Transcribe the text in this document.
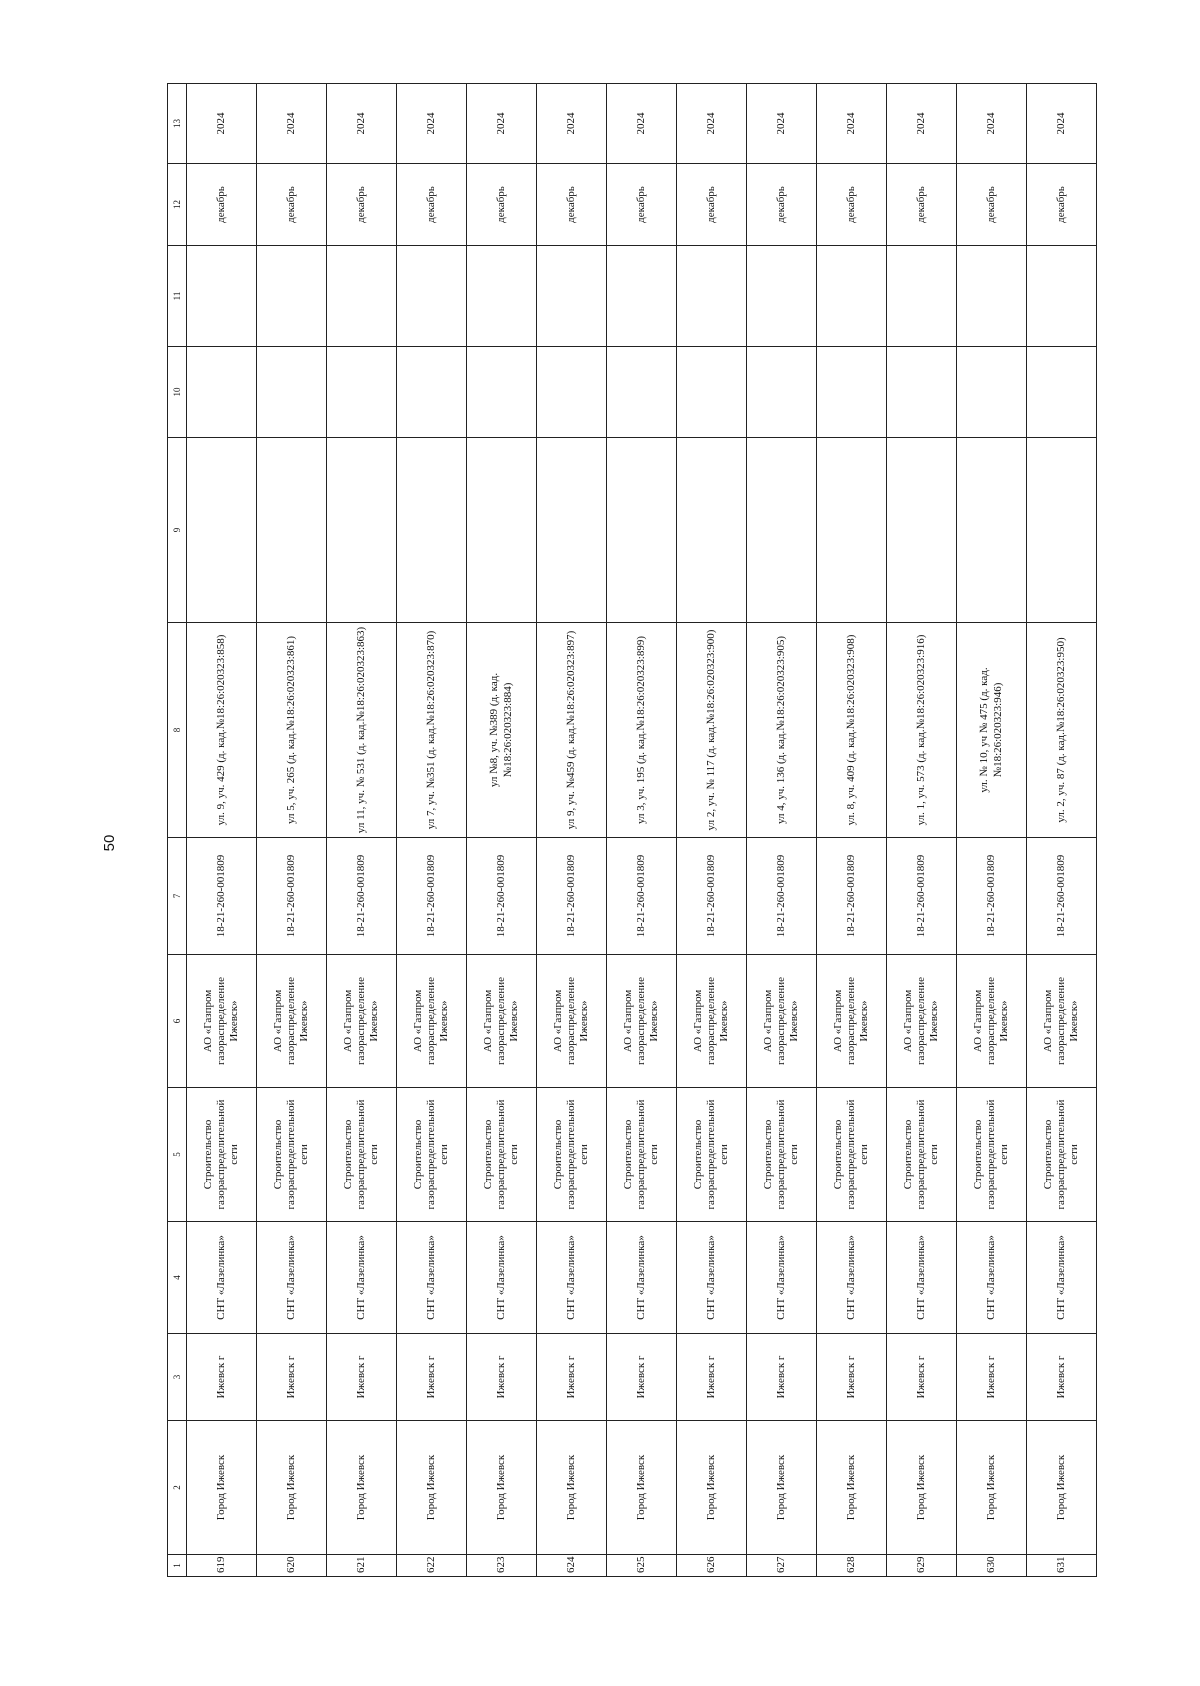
50
1	2	3	4	5	6	7	8	9	10	11	12	13
619	Город Ижевск	Ижевск г	СНТ «Лазелинка»	Строительство газораспределительной сети	АО «Газпром газораспределение Ижевск»	18-21-260-001809	ул. 9, уч. 429 (д. кад.№18:26:020323:858)				декабрь	2024
620	Город Ижевск	Ижевск г	СНТ «Лазелинка»	Строительство газораспределительной сети	АО «Газпром газораспределение Ижевск»	18-21-260-001809	ул 5, уч. 265 (д. кад.№18:26:020323:861)				декабрь	2024
621	Город Ижевск	Ижевск г	СНТ «Лазелинка»	Строительство газораспределительной сети	АО «Газпром газораспределение Ижевск»	18-21-260-001809	ул 11, уч. № 531 (д. кад.№18:26:020323:863)				декабрь	2024
622	Город Ижевск	Ижевск г	СНТ «Лазелинка»	Строительство газораспределительной сети	АО «Газпром газораспределение Ижевск»	18-21-260-001809	ул 7, уч. №351 (д. кад.№18:26:020323:870)				декабрь	2024
623	Город Ижевск	Ижевск г	СНТ «Лазелинка»	Строительство газораспределительной сети	АО «Газпром газораспределение Ижевск»	18-21-260-001809	ул №8, уч. №389 (д. кад.№18:26:020323:884)				декабрь	2024
624	Город Ижевск	Ижевск г	СНТ «Лазелинка»	Строительство газораспределительной сети	АО «Газпром газораспределение Ижевск»	18-21-260-001809	ул 9, уч. №459 (д. кад.№18:26:020323:897)				декабрь	2024
625	Город Ижевск	Ижевск г	СНТ «Лазелинка»	Строительство газораспределительной сети	АО «Газпром газораспределение Ижевск»	18-21-260-001809	ул 3, уч. 195 (д. кад.№18:26:020323:899)				декабрь	2024
626	Город Ижевск	Ижевск г	СНТ «Лазелинка»	Строительство газораспределительной сети	АО «Газпром газораспределение Ижевск»	18-21-260-001809	ул 2, уч. № 117 (д. кад.№18:26:020323:900)				декабрь	2024
627	Город Ижевск	Ижевск г	СНТ «Лазелинка»	Строительство газораспределительной сети	АО «Газпром газораспределение Ижевск»	18-21-260-001809	ул 4, уч. 136 (д. кад.№18:26:020323:905)				декабрь	2024
628	Город Ижевск	Ижевск г	СНТ «Лазелинка»	Строительство газораспределительной сети	АО «Газпром газораспределение Ижевск»	18-21-260-001809	ул. 8, уч. 409 (д. кад.№18:26:020323:908)				декабрь	2024
629	Город Ижевск	Ижевск г	СНТ «Лазелинка»	Строительство газораспределительной сети	АО «Газпром газораспределение Ижевск»	18-21-260-001809	ул. 1, уч. 573 (д. кад.№18:26:020323:916)				декабрь	2024
630	Город Ижевск	Ижевск г	СНТ «Лазелинка»	Строительство газораспределительной сети	АО «Газпром газораспределение Ижевск»	18-21-260-001809	ул. № 10, уч № 475 (д. кад.№18:26:020323:946)				декабрь	2024
631	Город Ижевск	Ижевск г	СНТ «Лазелинка»	Строительство газораспределительной сети	АО «Газпром газораспределение Ижевск»	18-21-260-001809	ул. 2, уч. 87 (д. кад.№18:26:020323:950)				декабрь	2024
